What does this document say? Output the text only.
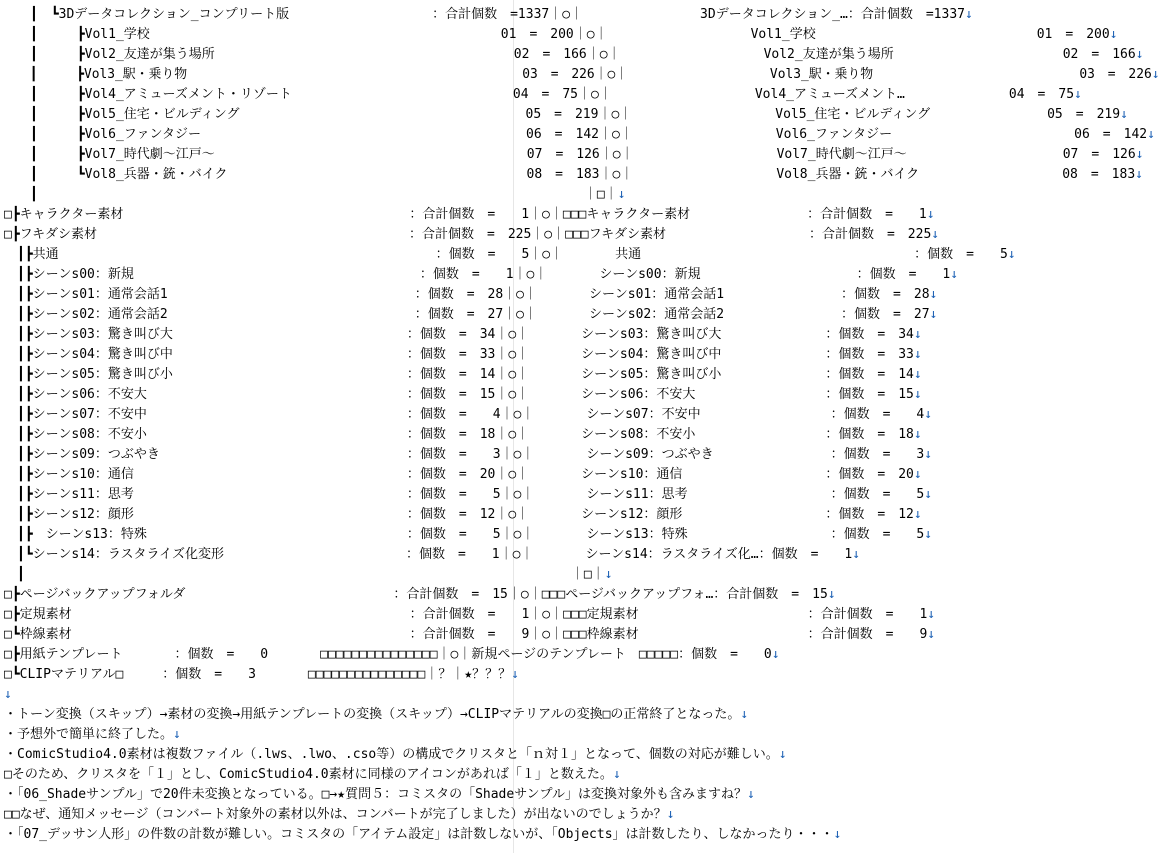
　　┃　┗3Dデータコレクション_コンプリート版　　　　　　　　　　　：合計個数　=1337｜○｜　　　　　　　　　3Dデータコレクション_…：合計個数　=1337↓
　　┃　　　┣Vol1_学校　　　　　　　　　　　　　　　　　　　　　　　　　　　01　=　200｜○｜　　　　　　　　　　　Vol1_学校　　　　　　　　　　　　　　　　　01　=　200↓
　　┃　　　┣Vol2_友達が集う場所　　　　　　　　　　　　　　　　　　　　　　　02　=　166｜○｜　　　　　　　　　　　Vol2_友達が集う場所　　　　　　　　　　　　　02　=　166↓
　　┃　　　┣Vol3_駅・乗り物　　　　　　　　　　　　　　　　　　　　　　　　　　03　=　226｜○｜　　　　　　　　　　　Vol3_駅・乗り物　　　　　　　　　　　　　　　　03　=　226↓
　　┃　　　┣Vol4_アミューズメント・リゾート　　　　　　　　　　　　　　　　　04　=　75｜○｜　　　　　　　　　　　Vol4_アミューズメント…　　　　　　　　04　=　75↓
　　┃　　　┣Vol5_住宅・ビルディング　　　　　　　　　　　　　　　　　　　　　　05　=　219｜○｜　　　　　　　　　　　Vol5_住宅・ビルディング　　　　　　　　　05　=　219↓
　　┃　　　┣Vol6_ファンタジー　　　　　　　　　　　　　　　　　　　　　　　　　06　=　142｜○｜　　　　　　　　　　　Vol6_ファンタジー　　　　　　　　　　　　　　06　=　142↓
　　┃　　　┣Vol7_時代劇〜江戸〜　　　　　　　　　　　　　　　　　　　　　　　　07　=　126｜○｜　　　　　　　　　　　Vol7_時代劇〜江戸〜　　　　　　　　　　　　07　=　126↓
　　┃　　　┗Vol8_兵器・銃・バイク　　　　　　　　　　　　　　　　　　　　　　　08　=　183｜○｜　　　　　　　　　　　Vol8_兵器・銃・バイク　　　　　　　　　　　08　=　183↓
　　┃　　　　　　　　　　　　　　　　　　　　　　　　　　　　　　　　　　　　　　　　　　｜□｜↓
□┣キャラクター素材　　　　　　　　　　　　　　　　　　　　　　：合計個数　=　　1｜○｜□□□キャラクター素材　　　　　　　　　：合計個数　=　　1↓
□┣フキダシ素材　　　　　　　　　　　　　　　　　　　　　　　　：合計個数　=　225｜○｜□□□フキダシ素材　　　　　　　　　　　：合計個数　=　225↓
　┃┣共通　　　　　　　　　　　　　　　　　　　　　　　　　　　　　：個数　=　　5｜○｜　　　　共通　　　　　　　　　　　　　　　　　　　　　：個数　=　　5↓
　┃┣シーンs00：新規　　　　　　　　　　　　　　　　　　　　　　：個数　=　　1｜○｜　　　　シーンs00：新規　　　　　　　　　　　　：個数　=　　1↓
　┃┣シーンs01：通常会話1　　　　　　　　　　　　　　　　　　　：個数　=　28｜○｜　　　　シーンs01：通常会話1　　　　　　　　　：個数　=　28↓
　┃┣シーンs02：通常会話2　　　　　　　　　　　　　　　　　　　：個数　=　27｜○｜　　　　シーンs02：通常会話2　　　　　　　　　：個数　=　27↓
　┃┣シーンs03：驚き叫び大　　　　　　　　　　　　　　　　　　：個数　=　34｜○｜　　　　シーンs03：驚き叫び大　　　　　　　　：個数　=　34↓
　┃┣シーンs04：驚き叫び中　　　　　　　　　　　　　　　　　　：個数　=　33｜○｜　　　　シーンs04：驚き叫び中　　　　　　　　：個数　=　33↓
　┃┣シーンs05：驚き叫び小　　　　　　　　　　　　　　　　　　：個数　=　14｜○｜　　　　シーンs05：驚き叫び小　　　　　　　　：個数　=　14↓
　┃┣シーンs06：不安大　　　　　　　　　　　　　　　　　　　　：個数　=　15｜○｜　　　　シーンs06：不安大　　　　　　　　　　：個数　=　15↓
　┃┣シーンs07：不安中　　　　　　　　　　　　　　　　　　　　：個数　=　　4｜○｜　　　　シーンs07：不安中　　　　　　　　　　：個数　=　　4↓
　┃┣シーンs08：不安小　　　　　　　　　　　　　　　　　　　　：個数　=　18｜○｜　　　　シーンs08：不安小　　　　　　　　　　：個数　=　18↓
　┃┣シーンs09：つぶやき　　　　　　　　　　　　　　　　　　　：個数　=　　3｜○｜　　　　シーンs09：つぶやき　　　　　　　　　：個数　=　　3↓
　┃┣シーンs10：通信　　　　　　　　　　　　　　　　　　　　　：個数　=　20｜○｜　　　　シーンs10：通信　　　　　　　　　　　：個数　=　20↓
　┃┣シーンs11：思考　　　　　　　　　　　　　　　　　　　　　：個数　=　　5｜○｜　　　　シーンs11：思考　　　　　　　　　　　：個数　=　　5↓
　┃┣シーンs12：顔形　　　　　　　　　　　　　　　　　　　　　：個数　=　12｜○｜　　　　シーンs12：顔形　　　　　　　　　　　：個数　=　12↓
　┃┣　シーンs13：特殊　　　　　　　　　　　　　　　　　　　　：個数　=　　5｜○｜　　　　シーンs13：特殊　　　　　　　　　　　：個数　=　　5↓
　┃┗シーンs14：ラスタライズ化変形　　　　　　　　　　　　　　：個数　=　　1｜○｜　　　　シーンs14：ラスタライズ化…：個数　=　　1↓
　┃　　　　　　　　　　　　　　　　　　　　　　　　　　　　　　　　　　　　　　　　　　｜□｜↓
□┣ページバックアップフォルダ　　　　　　　　　　　　　　　　：合計個数　=　15｜○｜□□□ページバックアップフォ…：合計個数　=　15↓
□┣定規素材　　　　　　　　　　　　　　　　　　　　　　　　　　：合計個数　=　　1｜○｜□□□定規素材　　　　　　　　　　　　　：合計個数　=　　1↓
□┗枠線素材　　　　　　　　　　　　　　　　　　　　　　　　　　：合計個数　=　　9｜○｜□□□枠線素材　　　　　　　　　　　　　：合計個数　=　　9↓
□┣用紙テンプレート　　　　：個数　=　　0　　　　□□□□□□□□□□□□□□□｜○｜新規ページのテンプレート　□□□□□：個数　=　　0↓
□┗CLIPマテリアル□　　　：個数　=　　3　　　　□□□□□□□□□□□□□□□｜？｜★？？？↓
↓
・トーン変換（スキップ）→素材の変換→用紙テンプレートの変換（スキップ）→CLIPマテリアルの変換□の正常終了となった。↓
・予想外で簡単に終了した。↓
・ComicStudio4.0素材は複数ファイル（.lws、.lwo、.cso等）の構成でクリスタと「ｎ対１」となって、個数の対応が難しい。↓
□そのため、クリスタを「１」とし、ComicStudio4.0素材に同様のアイコンがあれば「１」と数えた。↓
・「06_Shadeサンプル」で20件未変換となっている。□→★質問５：コミスタの「Shadeサンプル」は変換対象外も含みますね？↓
□□なぜ、通知メッセージ（コンバート対象外の素材以外は、コンバートが完了しました）が出ないのでしょうか？↓
・「07_デッサン人形」の件数の計数が難しい。コミスタの「アイテム設定」は計数しないが、「Objects」は計数したり、しなかったり・・・↓
